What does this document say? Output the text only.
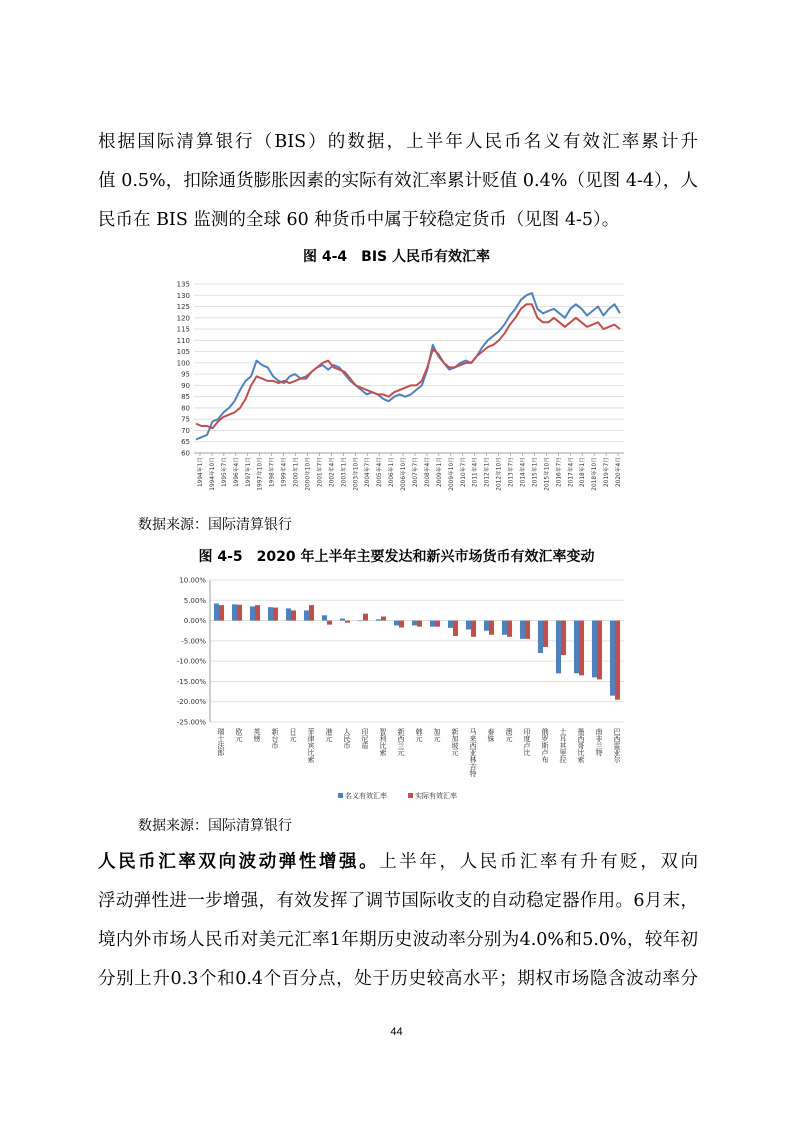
根据国际清算银行（BIS）的数据，上半年人民币名义有效汇率累计升
值 0.5%，扣除通货膨胀因素的实际有效汇率累计贬值 0.4%（见图 4-4），人
民币在 BIS 监测的全球 60 种货币中属于较稳定货币（见图 4-5）。
图 4-4　BIS 人民币有效汇率
60
65
70
75
80
85
90
95
100
105
110
115
120
125
130
135
1994年1月	1994年10月	1995年7月	1996年4月	1997年1月	1997年10月	1998年7月	1999年4月	2000年1月	2000年10月	2001年7月	2002年4月	2003年1月	2003年10月	2004年7月	2005年4月	2006年1月	2006年10月	2007年7月	2008年4月	2009年1月	2009年10月	2010年7月	2011年4月	2012年1月	2012年10月	2013年7月	2014年4月	2015年1月	2015年10月	2016年7月	2017年4月	2018年1月	2018年10月	2019年7月	2020年4月
数据来源：国际清算银行
图 4-5　2020 年上半年主要发达和新兴市场货币有效汇率变动
10.00%
5.00%
0.00%
-5.00%
-10.00%
-15.00%
-20.00%
-25.00%
瑞士法郎 欧元 英镑 新台币 日元 菲律宾比索 港元 人民币 印尼盾 智利比索 新西兰元 韩元 加元 新加坡元 马来西亚林吉特 泰铢 澳元 印度卢比 俄罗斯卢布 土耳其里拉 墨西哥比索 南非兰特 巴西雷亚尔
名义有效汇率	实际有效汇率
数据来源：国际清算银行
人民币汇率双向波动弹性增强。上半年，人民币汇率有升有贬，双向
浮动弹性进一步增强，有效发挥了调节国际收支的自动稳定器作用。6月末，
境内外市场人民币对美元汇率1年期历史波动率分别为4.0%和5.0%，较年初
分别上升0.3个和0.4个百分点，处于历史较高水平；期权市场隐含波动率分
44
